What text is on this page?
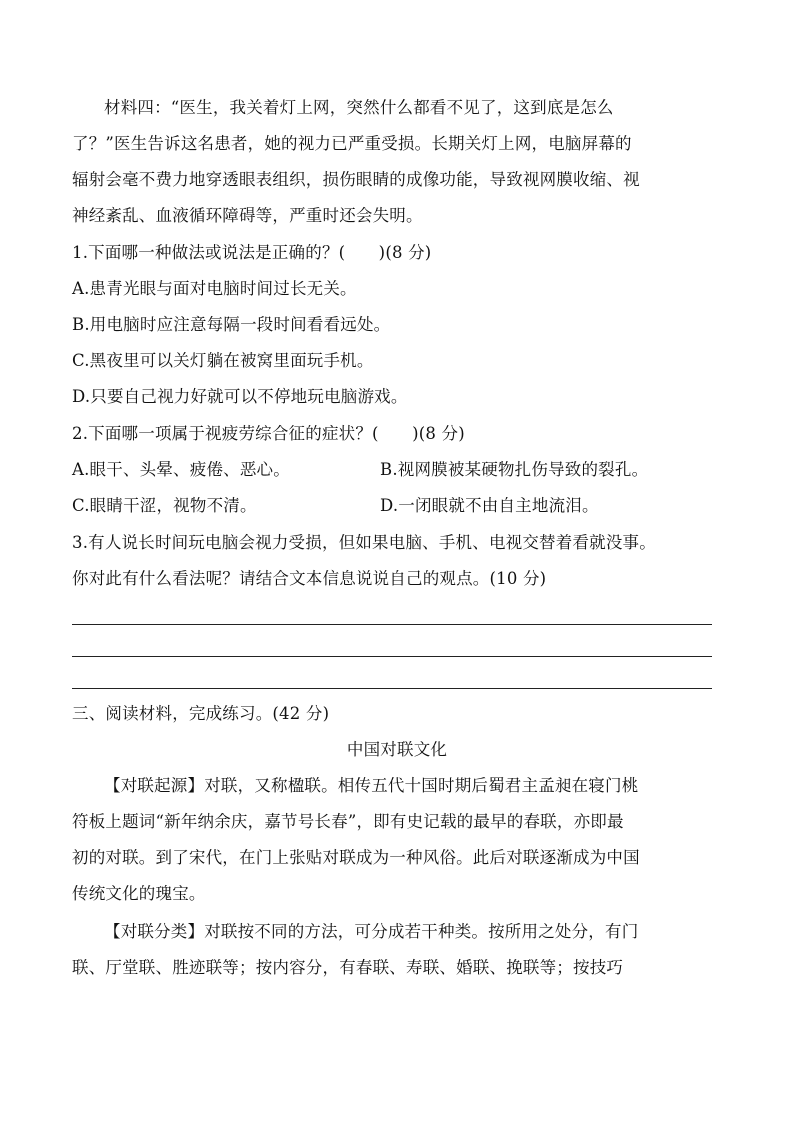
材料四：“医生，我关着灯上网，突然什么都看不见了，这到底是怎么
了？”医生告诉这名患者，她的视力已严重受损。长期关灯上网，电脑屏幕的
辐射会毫不费力地穿透眼表组织，损伤眼睛的成像功能，导致视网膜收缩、视
神经紊乱、血液循环障碍等，严重时还会失明。
1.下面哪一种做法或说法是正确的？(　　)(8 分)
A.患青光眼与面对电脑时间过长无关。
B.用电脑时应注意每隔一段时间看看远处。
C.黑夜里可以关灯躺在被窝里面玩手机。
D.只要自己视力好就可以不停地玩电脑游戏。
2.下面哪一项属于视疲劳综合征的症状？(　　)(8 分)
A.眼干、头晕、疲倦、恶心。	B.视网膜被某硬物扎伤导致的裂孔。
C.眼睛干涩，视物不清。	D.一闭眼就不由自主地流泪。
3.有人说长时间玩电脑会视力受损，但如果电脑、手机、电视交替着看就没事。
你对此有什么看法呢？请结合文本信息说说自己的观点。(10 分)
三、阅读材料，完成练习。(42 分)
中国对联文化
【对联起源】对联，又称楹联。相传五代十国时期后蜀君主孟昶在寝门桃
符板上题词“新年纳余庆，嘉节号长春”，即有史记载的最早的春联，亦即最
初的对联。到了宋代，在门上张贴对联成为一种风俗。此后对联逐渐成为中国
传统文化的瑰宝。
【对联分类】对联按不同的方法，可分成若干种类。按所用之处分，有门
联、厅堂联、胜迹联等；按内容分，有春联、寿联、婚联、挽联等；按技巧
